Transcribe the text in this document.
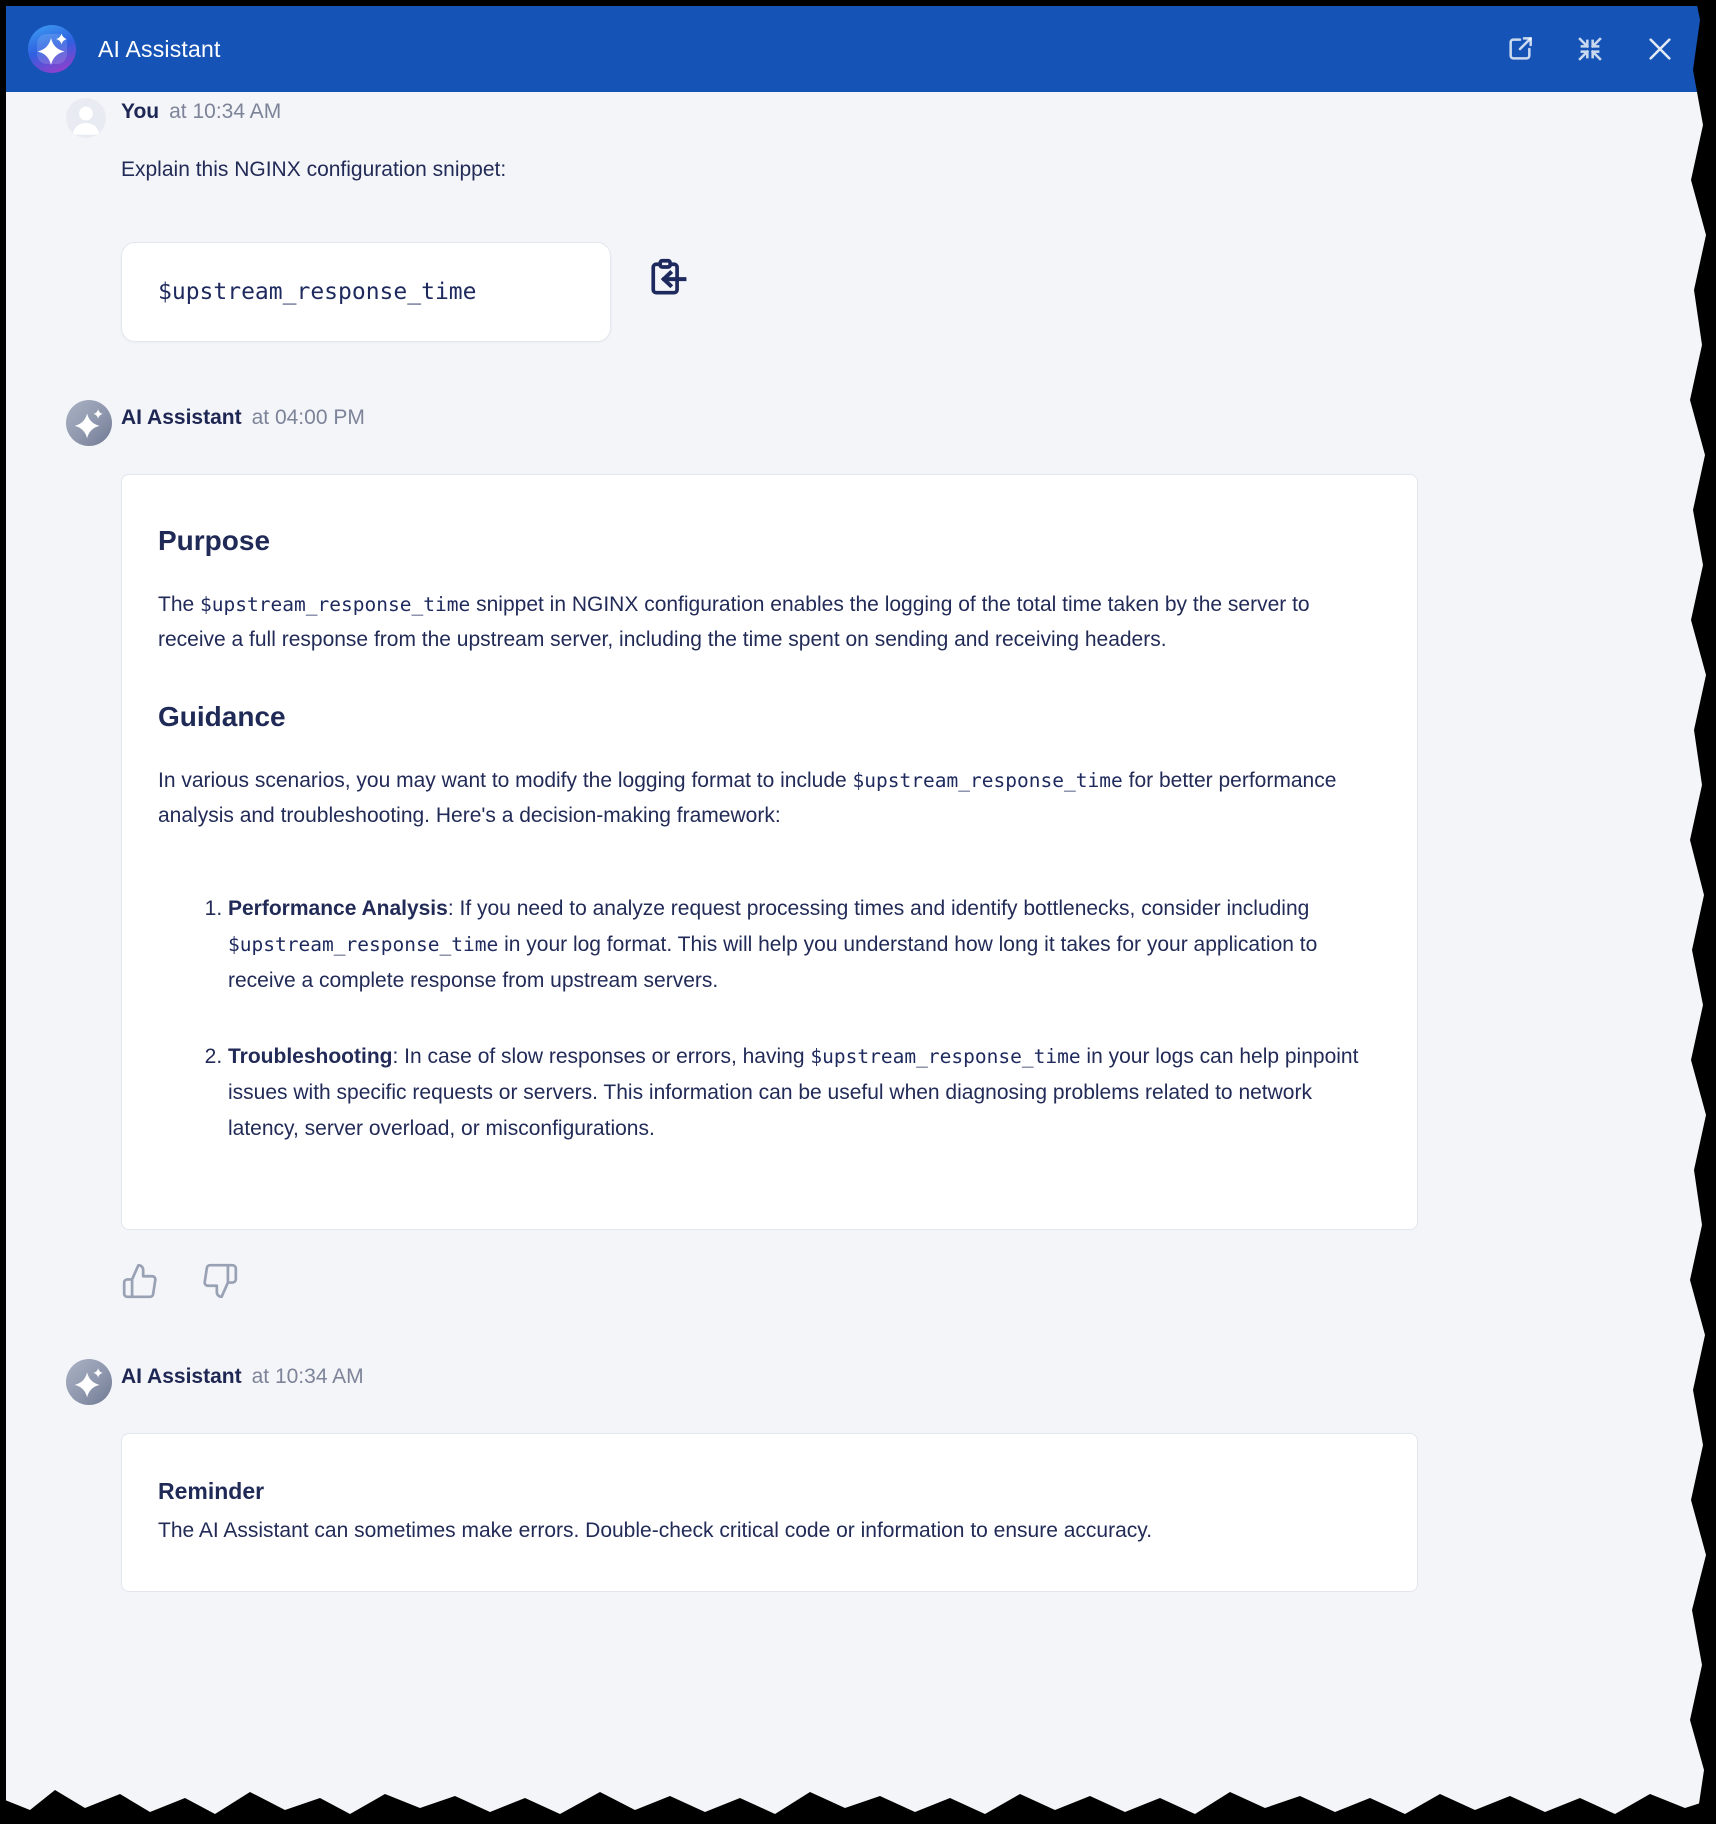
AI Assistant
You at 10:34 AM

Explain this NGINX configuration snippet:

$upstream_response_time
AI Assistant at 04:00 PM
Purpose

The $upstream_response_time snippet in NGINX configuration enables the logging of the total time taken by the server to receive a full response from the upstream server, including the time spent on sending and receiving headers.

Guidance

In various scenarios, you may want to modify the logging format to include $upstream_response_time for better performance analysis and troubleshooting. Here's a decision-making framework:

1. Performance Analysis: If you need to analyze request processing times and identify bottlenecks, consider including $upstream_response_time in your log format. This will help you understand how long it takes for your application to receive a complete response from upstream servers.
2. Troubleshooting: In case of slow responses or errors, having $upstream_response_time in your logs can help pinpoint issues with specific requests or servers. This information can be useful when diagnosing problems related to network latency, server overload, or misconfigurations.
AI Assistant at 10:34 AM
Reminder

The AI Assistant can sometimes make errors. Double-check critical code or information to ensure accuracy.
